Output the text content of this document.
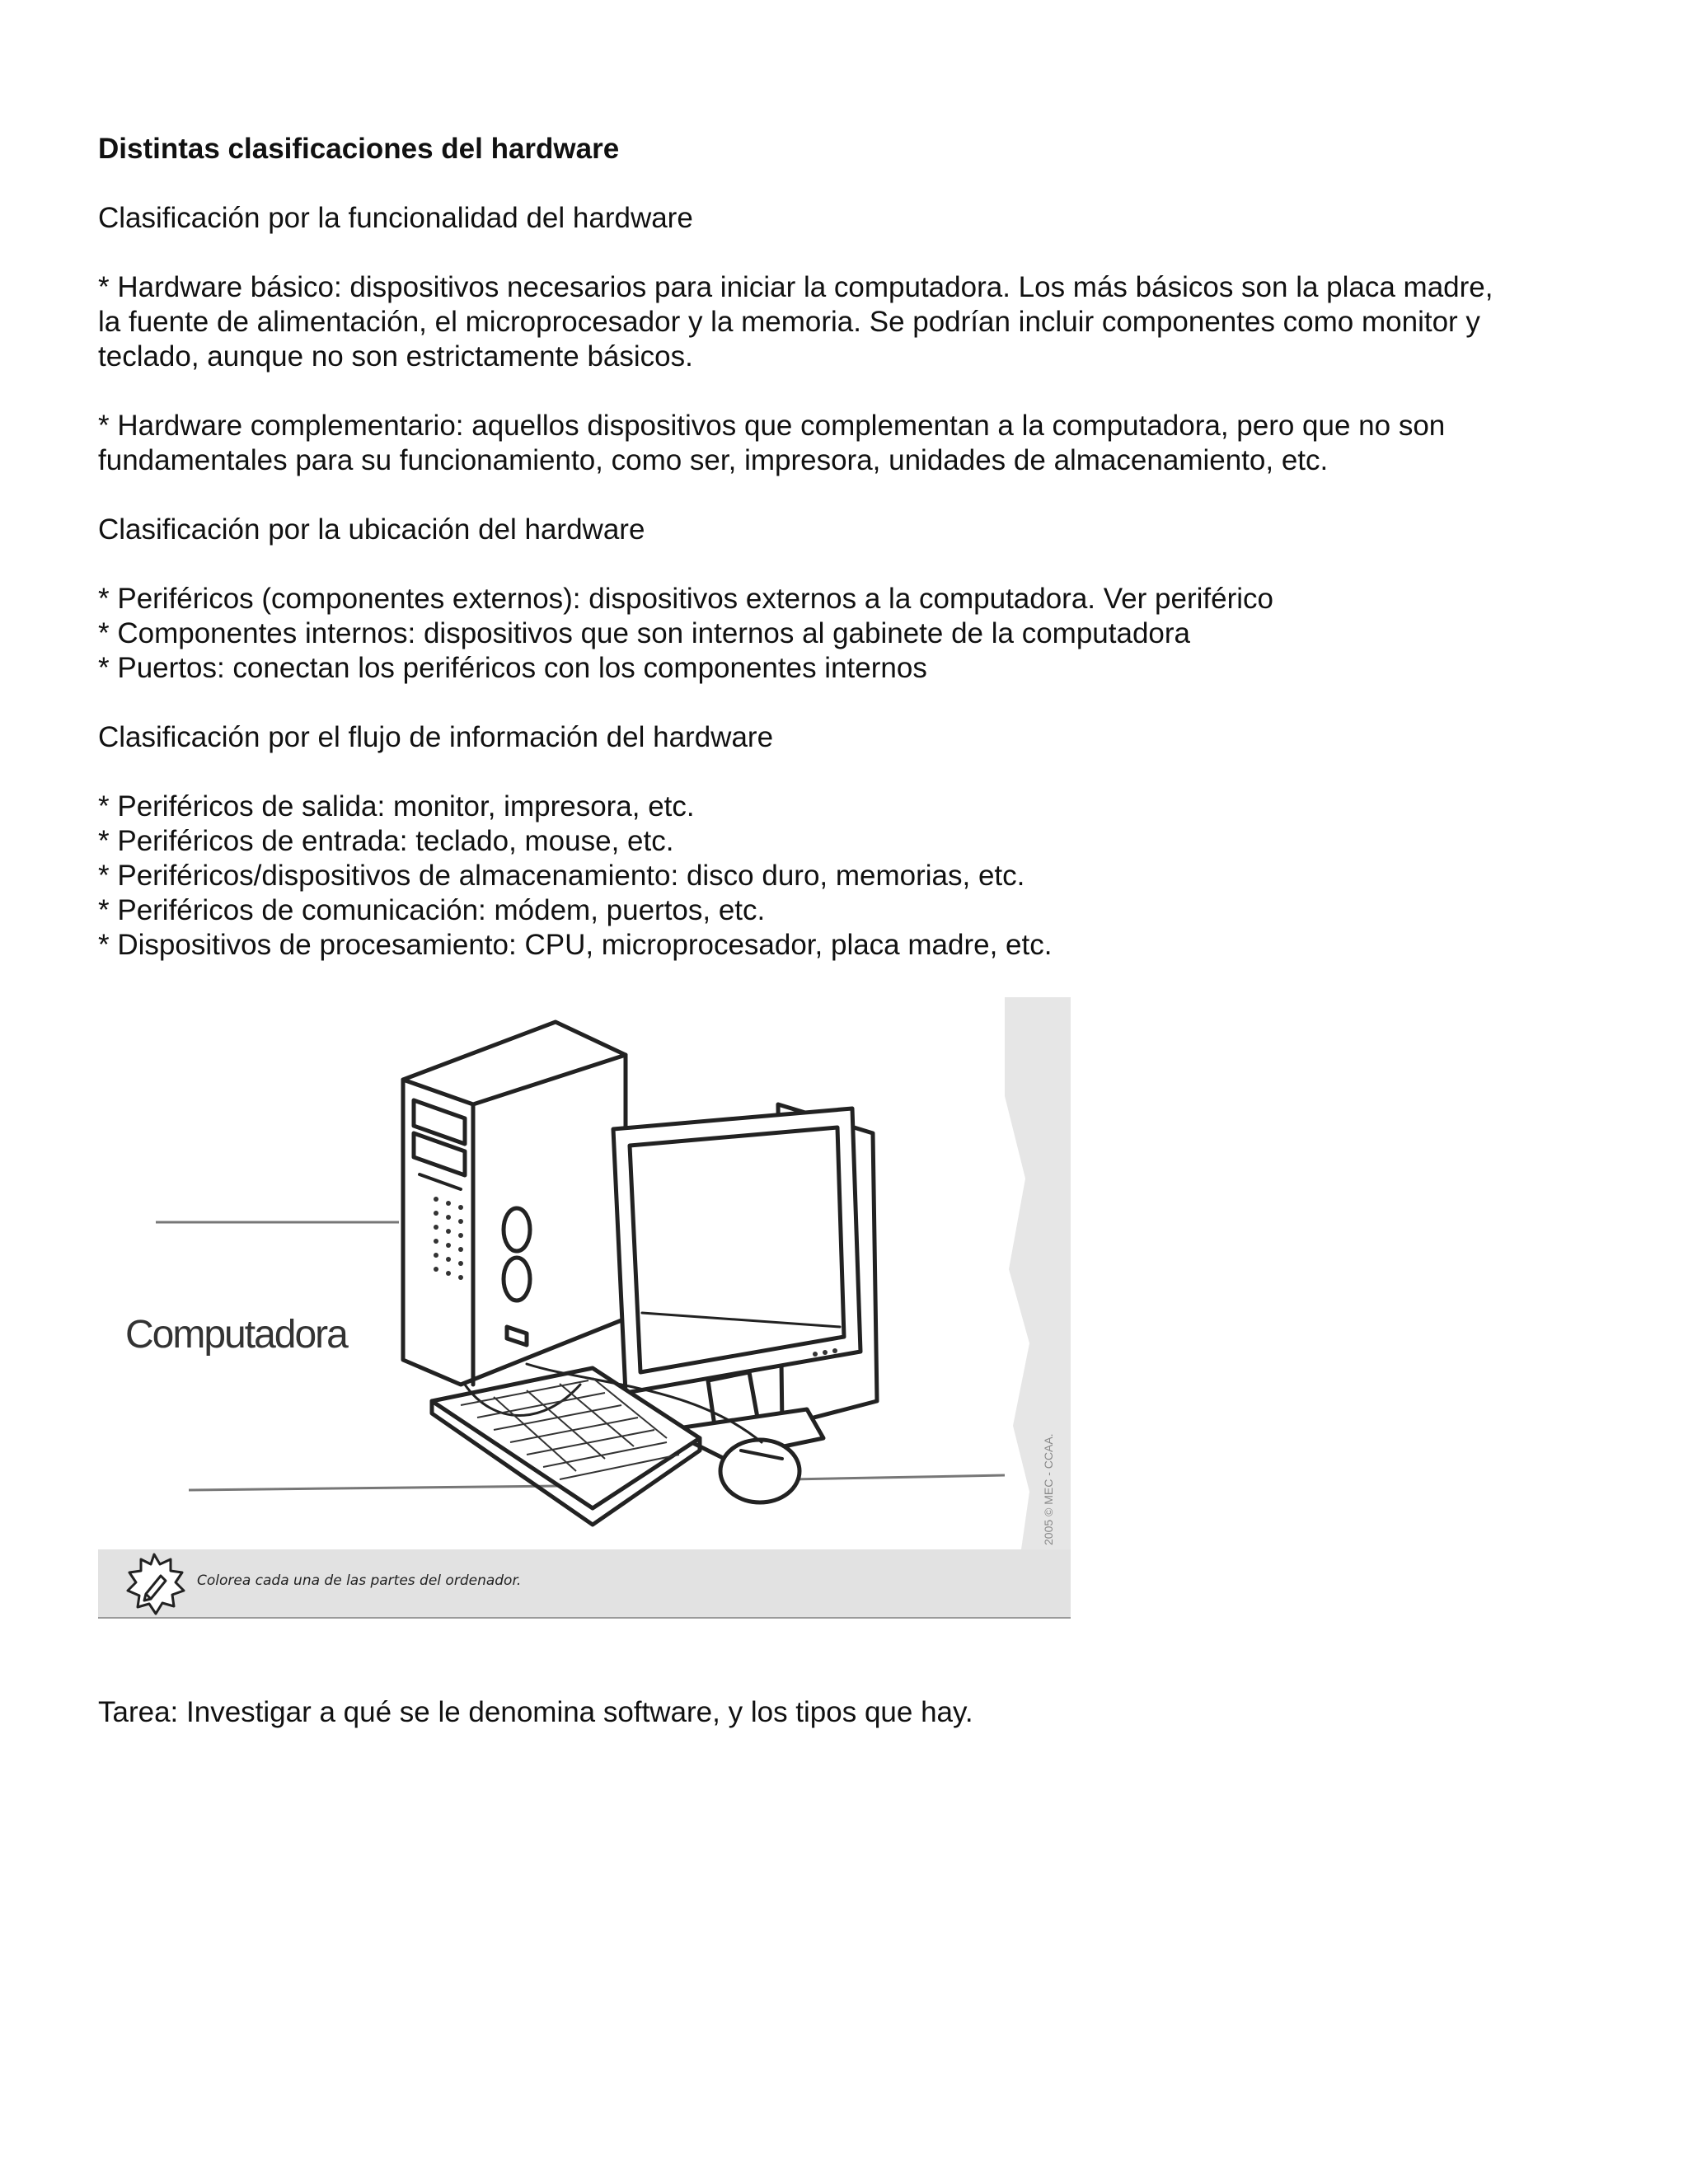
Distintas clasificaciones del hardware
Clasificación por la funcionalidad del hardware
* Hardware básico: dispositivos necesarios para iniciar la computadora. Los más básicos son la placa madre,
la fuente de alimentación, el microprocesador y la memoria. Se podrían incluir componentes como monitor y
teclado, aunque no son estrictamente básicos.
* Hardware complementario: aquellos dispositivos que complementan a la computadora, pero que no son
fundamentales para su funcionamiento, como ser, impresora, unidades de almacenamiento, etc.
Clasificación por la ubicación del hardware
* Periféricos (componentes externos): dispositivos externos a la computadora. Ver periférico
* Componentes internos: dispositivos que son internos al gabinete de la computadora
* Puertos: conectan los periféricos con los componentes internos
Clasificación por el flujo de información del hardware
* Periféricos de salida: monitor, impresora, etc.
* Periféricos de entrada: teclado, mouse, etc.
* Periféricos/dispositivos de almacenamiento: disco duro, memorias, etc.
* Periféricos de comunicación: módem, puertos, etc.
* Dispositivos de procesamiento: CPU, microprocesador, placa madre, etc.
Computadora
2005 © MEC - CCAA.
Colorea cada una de las partes del ordenador.
Tarea: Investigar a qué se le denomina software, y los tipos que hay.
